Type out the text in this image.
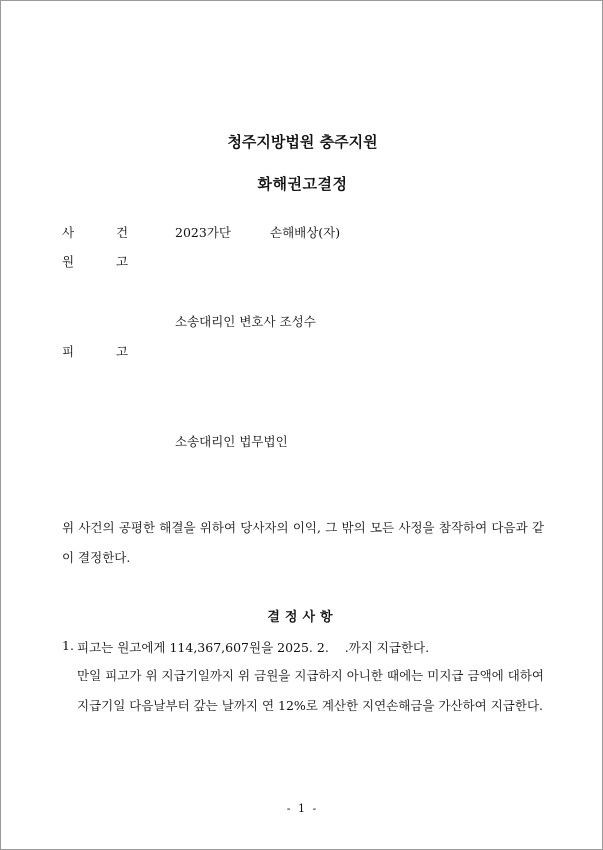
청주지방법원 충주지원
화해권고결정
사	건	2023가단	손해배상(자)
원	고
소송대리인 변호사 조성수
피	고
소송대리인 법무법인
위 사건의 공평한 해결을 위하여 당사자의 이익, 그 밖의 모든 사정을 참작하여 다음과 같이 결정한다.
결정사항
1. 피고는 원고에게 114,367,607원을 2025. 2.    .까지 지급한다.
만일 피고가 위 지급기일까지 위 금원을 지급하지 아니한 때에는 미지급 금액에 대하여 지급기일 다음날부터 갚는 날까지 연 12%로 계산한 지연손해금을 가산하여 지급한다.
- 1 -
